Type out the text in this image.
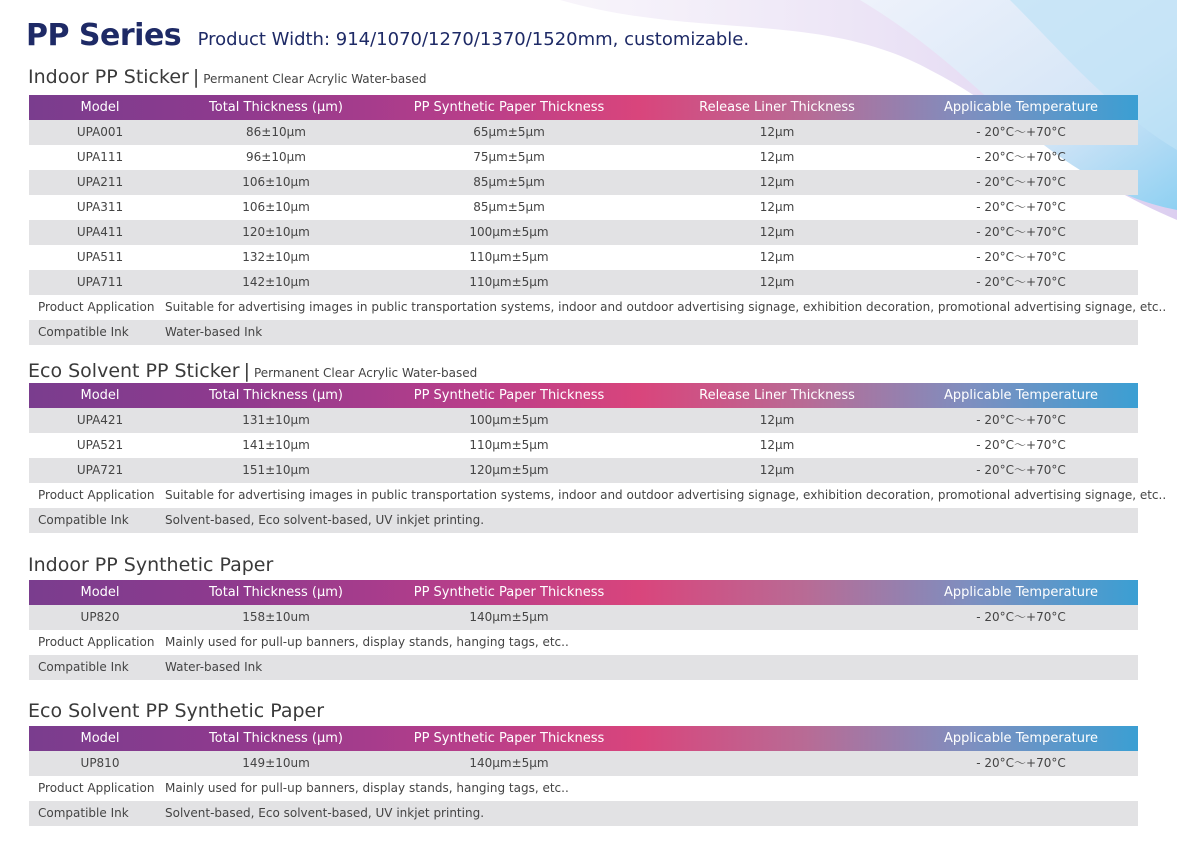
PP Series Product Width: 914/1070/1270/1370/1520mm, customizable.
Indoor PP Sticker | Permanent Clear Acrylic Water-based
Model	Total Thickness (μm)	PP Synthetic Paper Thickness	Release Liner Thickness	Applicable Temperature
UPA001	86±10μm	65μm±5μm	12μm	- 20°C～+70°C
UPA111	96±10μm	75μm±5μm	12μm	- 20°C～+70°C
UPA211	106±10μm	85μm±5μm	12μm	- 20°C～+70°C
UPA311	106±10μm	85μm±5μm	12μm	- 20°C～+70°C
UPA411	120±10μm	100μm±5μm	12μm	- 20°C～+70°C
UPA511	132±10μm	110μm±5μm	12μm	- 20°C～+70°C
UPA711	142±10μm	110μm±5μm	12μm	- 20°C～+70°C
Product Application Suitable for advertising images in public transportation systems, indoor and outdoor advertising signage, exhibition decoration, promotional advertising signage, etc..
Compatible Ink	Water-based Ink
Eco Solvent PP Sticker | Permanent Clear Acrylic Water-based
Model	Total Thickness (μm)	PP Synthetic Paper Thickness	Release Liner Thickness	Applicable Temperature
UPA421	131±10μm	100μm±5μm	12μm	- 20°C～+70°C
UPA521	141±10μm	110μm±5μm	12μm	- 20°C～+70°C
UPA721	151±10μm	120μm±5μm	12μm	- 20°C～+70°C
Product Application Suitable for advertising images in public transportation systems, indoor and outdoor advertising signage, exhibition decoration, promotional advertising signage, etc..
Compatible Ink	Solvent-based, Eco solvent-based, UV inkjet printing.
Indoor PP Synthetic Paper
Model	Total Thickness (μm)	PP Synthetic Paper Thickness	Applicable Temperature
UP820	158±10um	140μm±5μm	- 20°C～+70°C
Product Application Mainly used for pull-up banners, display stands, hanging tags, etc..
Compatible Ink	Water-based Ink
Eco Solvent PP Synthetic Paper
Model	Total Thickness (μm)	PP Synthetic Paper Thickness	Applicable Temperature
UP810	149±10um	140μm±5μm	- 20°C～+70°C
Product Application Mainly used for pull-up banners, display stands, hanging tags, etc..
Compatible Ink	Solvent-based, Eco solvent-based, UV inkjet printing.
